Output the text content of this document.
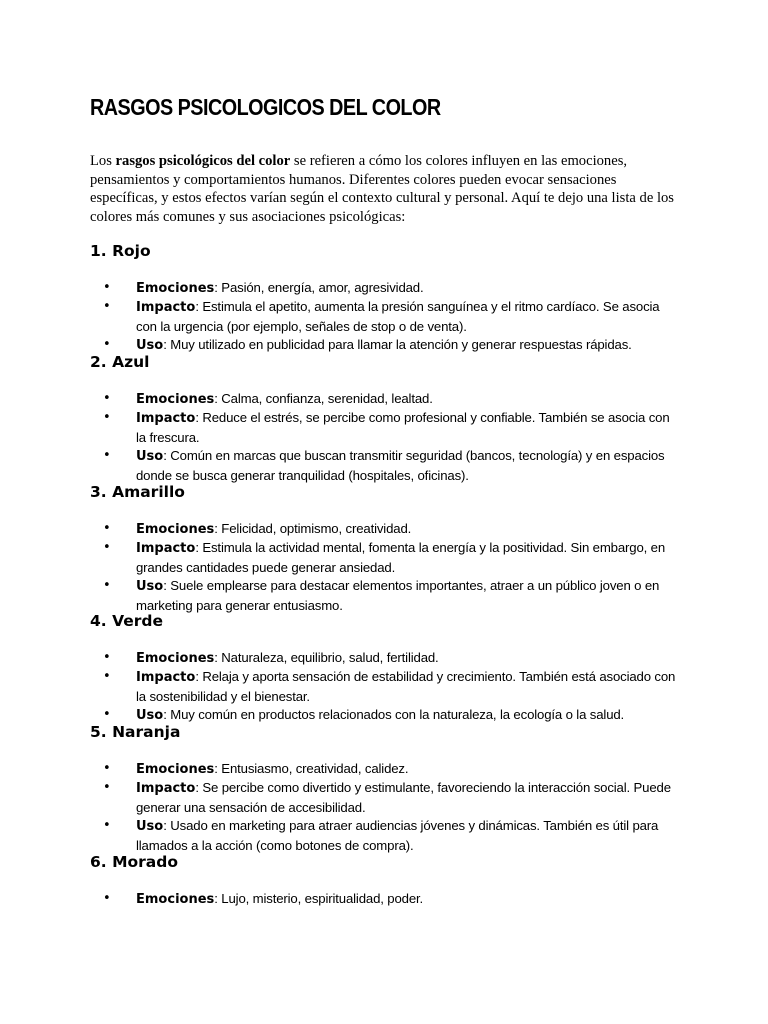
RASGOS PSICOLOGICOS DEL COLOR

Los rasgos psicológicos del color se refieren a cómo los colores influyen en las emociones, pensamientos y comportamientos humanos. Diferentes colores pueden evocar sensaciones específicas, y estos efectos varían según el contexto cultural y personal. Aquí te dejo una lista de los colores más comunes y sus asociaciones psicológicas:

1. Rojo
• Emociones: Pasión, energía, amor, agresividad.
• Impacto: Estimula el apetito, aumenta la presión sanguínea y el ritmo cardíaco. Se asocia con la urgencia (por ejemplo, señales de stop o de venta).
• Uso: Muy utilizado en publicidad para llamar la atención y generar respuestas rápidas.
2. Azul
• Emociones: Calma, confianza, serenidad, lealtad.
• Impacto: Reduce el estrés, se percibe como profesional y confiable. También se asocia con la frescura.
• Uso: Común en marcas que buscan transmitir seguridad (bancos, tecnología) y en espacios donde se busca generar tranquilidad (hospitales, oficinas).
3. Amarillo
• Emociones: Felicidad, optimismo, creatividad.
• Impacto: Estimula la actividad mental, fomenta la energía y la positividad. Sin embargo, en grandes cantidades puede generar ansiedad.
• Uso: Suele emplearse para destacar elementos importantes, atraer a un público joven o en marketing para generar entusiasmo.
4. Verde
• Emociones: Naturaleza, equilibrio, salud, fertilidad.
• Impacto: Relaja y aporta sensación de estabilidad y crecimiento. También está asociado con la sostenibilidad y el bienestar.
• Uso: Muy común en productos relacionados con la naturaleza, la ecología o la salud.
5. Naranja
• Emociones: Entusiasmo, creatividad, calidez.
• Impacto: Se percibe como divertido y estimulante, favoreciendo la interacción social. Puede generar una sensación de accesibilidad.
• Uso: Usado en marketing para atraer audiencias jóvenes y dinámicas. También es útil para llamados a la acción (como botones de compra).
6. Morado
• Emociones: Lujo, misterio, espiritualidad, poder.
